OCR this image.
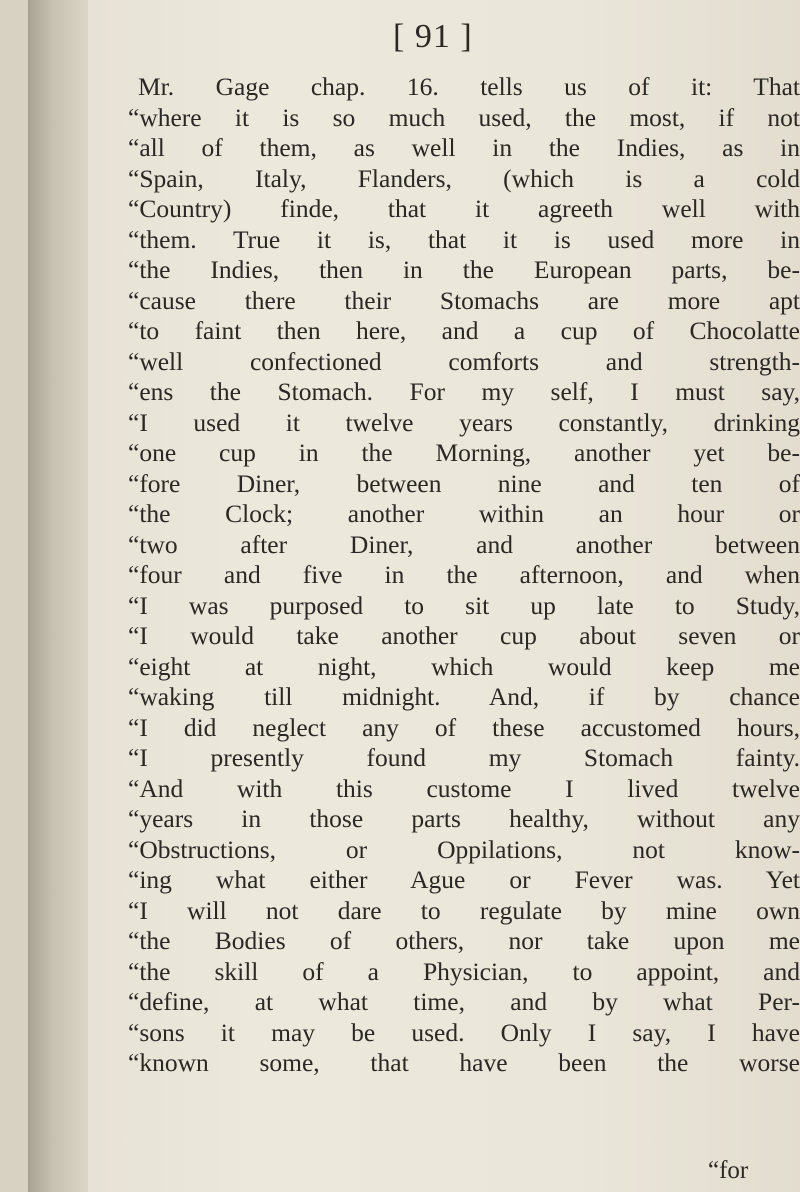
[ 91 ]
Mr. Gage chap. 16. tells us of it: That
“where it is so much used, the most, if not
“all of them, as well in the Indies, as in
“Spain, Italy, Flanders, (which is a cold
“Country) finde, that it agreeth well with
“them. True it is, that it is used more in
“the Indies, then in the European parts, be-
“cause there their Stomachs are more apt
“to faint then here, and a cup of Chocolatte
“well confectioned comforts and strength-
“ens the Stomach. For my self, I must say,
“I used it twelve years constantly, drinking
“one cup in the Morning, another yet be-
“fore Diner, between nine and ten of
“the Clock; another within an hour or
“two after Diner, and another between
“four and five in the afternoon, and when
“I was purposed to sit up late to Study,
“I would take another cup about seven or
“eight at night, which would keep me
“waking till midnight. And, if by chance
“I did neglect any of these accustomed hours,
“I presently found my Stomach fainty.
“And with this custome I lived twelve
“years in those parts healthy, without any
“Obstructions, or Oppilations, not know-
“ing what either Ague or Fever was. Yet
“I will not dare to regulate by mine own
“the Bodies of others, nor take upon me
“the skill of a Physician, to appoint, and
“define, at what time, and by what Per-
“sons it may be used. Only I say, I have
“known some, that have been the worse
“for
